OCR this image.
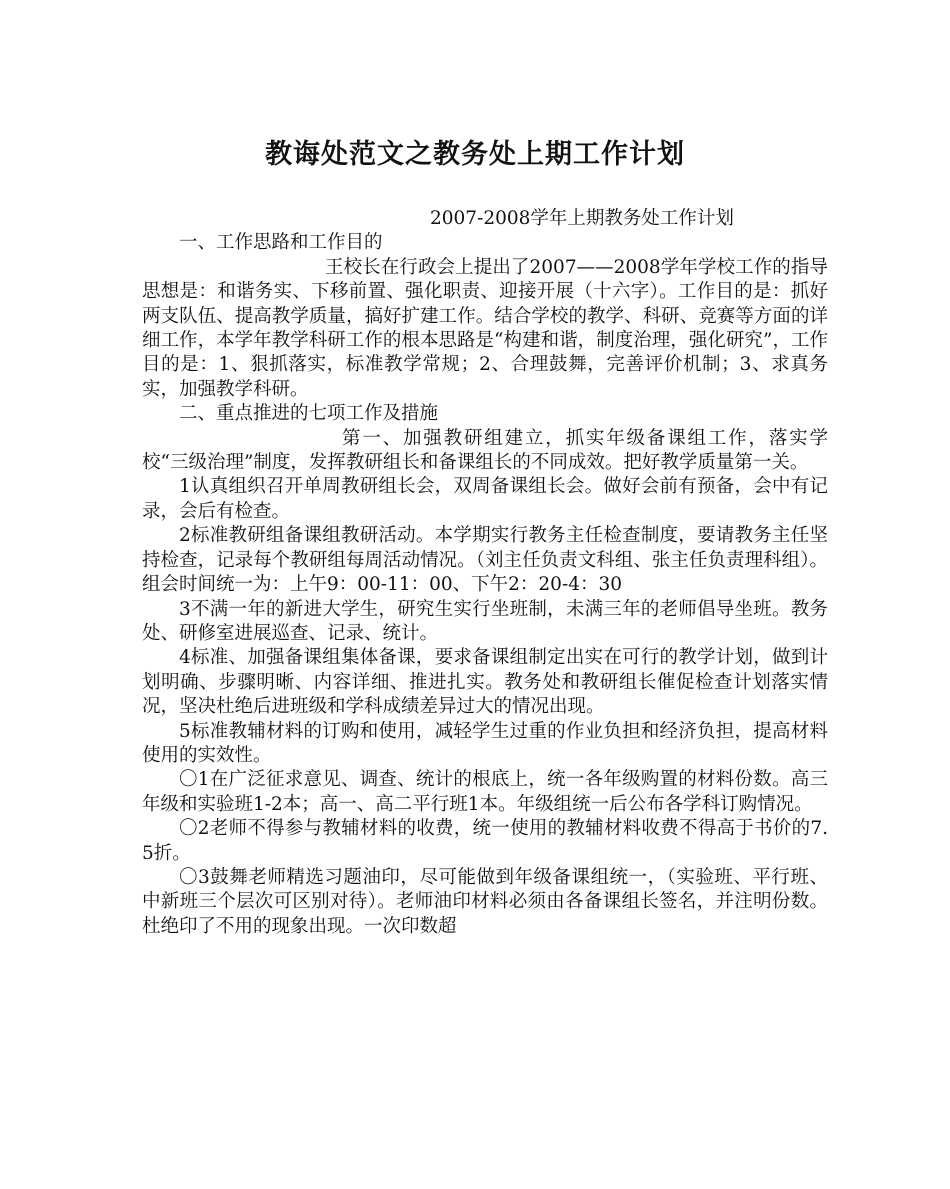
教诲处范文之教务处上期工作计划

2007-2008学年上期教务处工作计划

一、工作思路和工作目的

王校长在行政会上提出了2007——2008学年学校工作的指导思想是：和谐务实、下移前置、强化职责、迎接开展（十六字）。工作目的是：抓好两支队伍、提高教学质量，搞好扩建工作。结合学校的教学、科研、竞赛等方面的详细工作，本学年教学科研工作的根本思路是“构建和谐，制度治理，强化研究”，工作目的是：1、狠抓落实，标准教学常规；2、合理鼓舞，完善评价机制；3、求真务实，加强教学科研。

二、重点推进的七项工作及措施

第一、加强教研组建立，抓实年级备课组工作，落实学校“三级治理”制度，发挥教研组长和备课组长的不同成效。把好教学质量第一关。

1认真组织召开单周教研组长会，双周备课组长会。做好会前有预备，会中有记录，会后有检查。

2标准教研组备课组教研活动。本学期实行教务主任检查制度，要请教务主任坚持检查，记录每个教研组每周活动情况。（刘主任负责文科组、张主任负责理科组）。组会时间统一为：上午9：00-11：00、下午2：20-4：30

3不满一年的新进大学生，研究生实行坐班制，未满三年的老师倡导坐班。教务处、研修室进展巡查、记录、统计。

4标准、加强备课组集体备课，要求备课组制定出实在可行的教学计划，做到计划明确、步骤明晰、内容详细、推进扎实。教务处和教研组长催促检查计划落实情况，坚决杜绝后进班级和学科成绩差异过大的情况出现。

5标准教辅材料的订购和使用，减轻学生过重的作业负担和经济负担，提高材料使用的实效性。

〇1在广泛征求意见、调查、统计的根底上，统一各年级购置的材料份数。高三年级和实验班1-2本；高一、高二平行班1本。年级组统一后公布各学科订购情况。

〇2老师不得参与教辅材料的收费，统一使用的教辅材料收费不得高于书价的7.5折。

〇3鼓舞老师精选习题油印，尽可能做到年级备课组统一，（实验班、平行班、中新班三个层次可区别对待）。老师油印材料必须由各备课组长签名，并注明份数。杜绝印了不用的现象出现。一次印数超
